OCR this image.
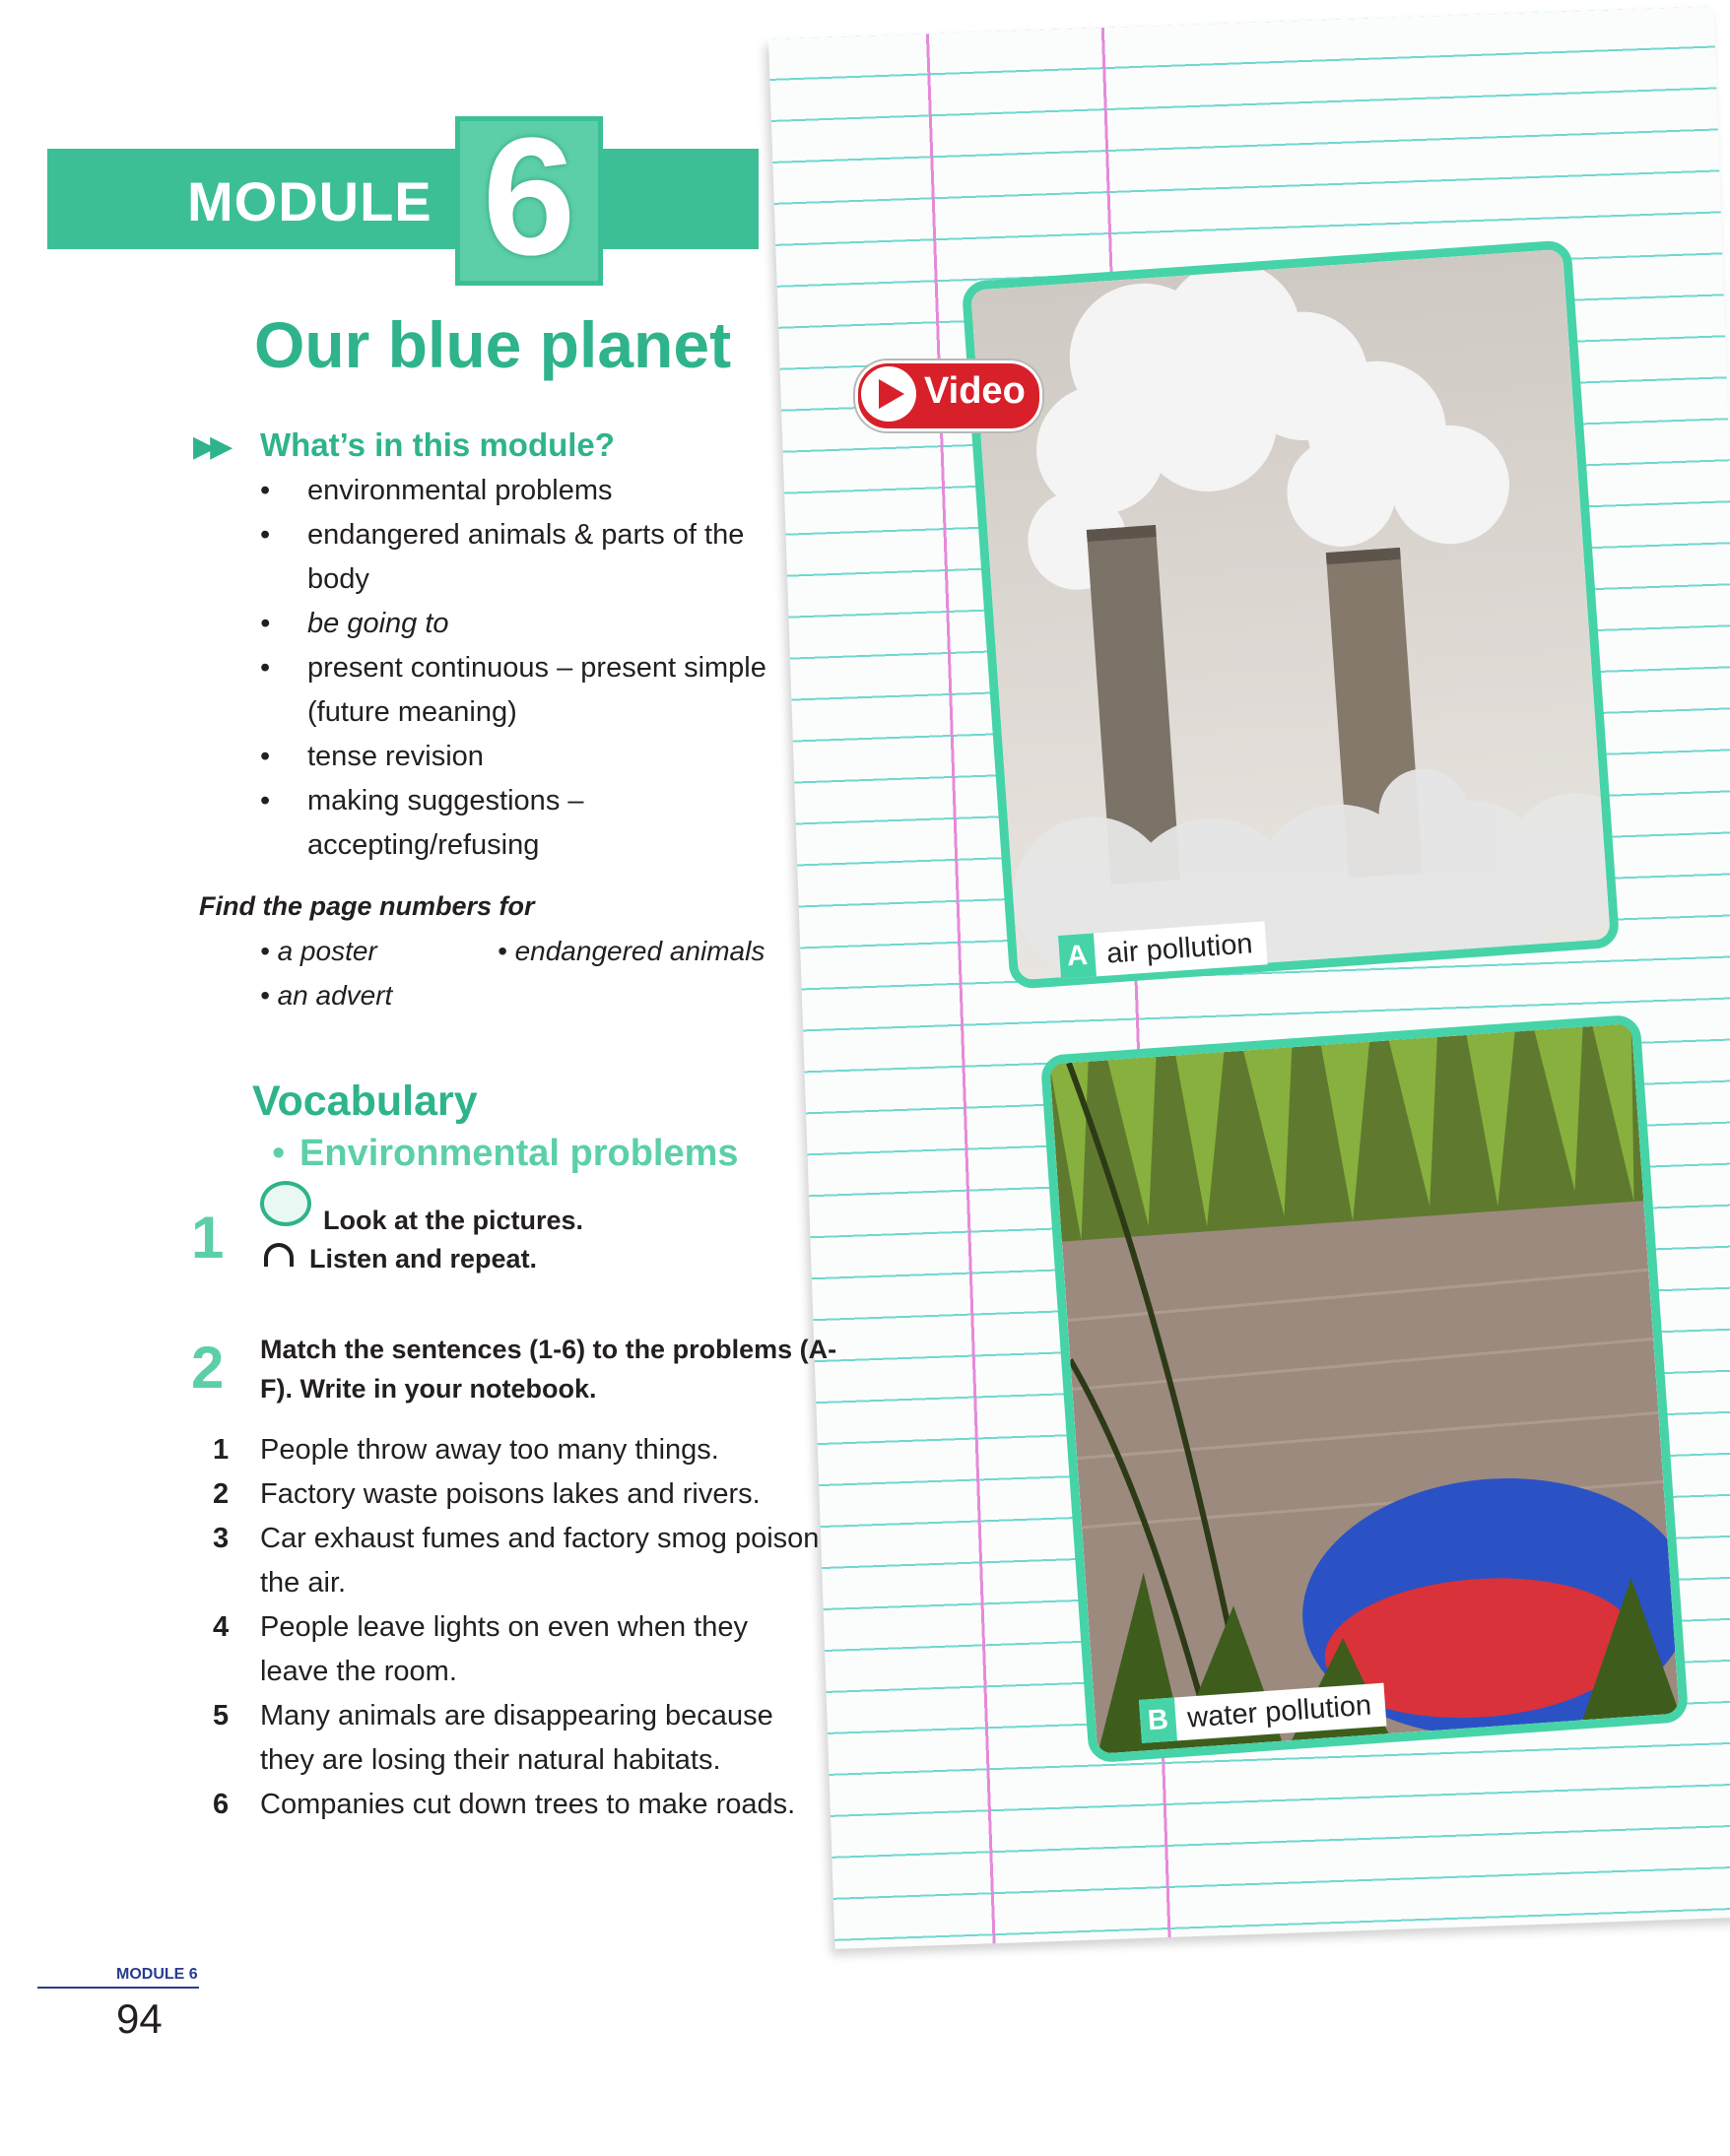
MODULE 6
Our blue planet
▶▶ What’s in this module?
• environmental problems
• endangered animals & parts of the body
• be going to
• present continuous – present simple (future meaning)
• tense revision
• making suggestions – accepting/refusing
Find the page numbers for
• a poster	• endangered animals
• an advert
Vocabulary
• Environmental problems
1	Look at the pictures.
Listen and repeat.
2 Match the sentences (1-6) to the problems (A-F). Write in your notebook.
1 People throw away too many things.
2 Factory waste poisons lakes and rivers.
3 Car exhaust fumes and factory smog poison the air.
4 People leave lights on even when they leave the room.
5 Many animals are disappearing because they are losing their natural habitats.
6 Companies cut down trees to make roads.
A air pollution
B water pollution
Video
MODULE 6
94
